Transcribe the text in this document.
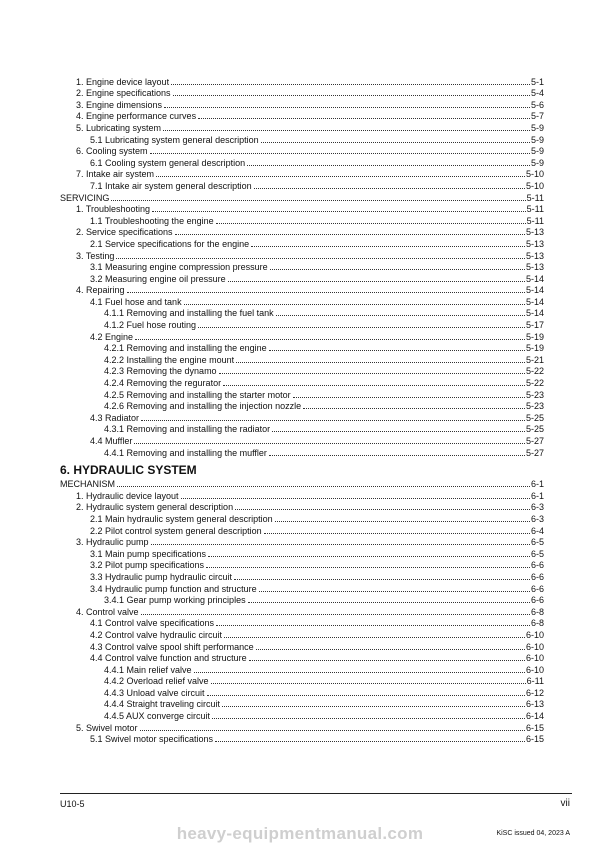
1. Engine device layout	5-1
2. Engine specifications	5-4
3. Engine dimensions	5-6
4. Engine performance curves	5-7
5. Lubricating system	5-9
5.1 Lubricating system general description	5-9
6. Cooling system	5-9
6.1 Cooling system general description	5-9
7. Intake air system	5-10
7.1 Intake air system general description	5-10
SERVICING	5-11
1. Troubleshooting	5-11
1.1 Troubleshooting the engine	5-11
2. Service specifications	5-13
2.1 Service specifications for the engine	5-13
3. Testing	5-13
3.1 Measuring engine compression pressure	5-13
3.2 Measuring engine oil pressure	5-14
4. Repairing	5-14
4.1 Fuel hose and tank	5-14
4.1.1 Removing and installing the fuel tank	5-14
4.1.2 Fuel hose routing	5-17
4.2 Engine	5-19
4.2.1 Removing and installing the engine	5-19
4.2.2 Installing the engine mount	5-21
4.2.3 Removing the dynamo	5-22
4.2.4 Removing the regurator	5-22
4.2.5 Removing and installing the starter motor	5-23
4.2.6 Removing and installing the injection nozzle	5-23
4.3 Radiator	5-25
4.3.1 Removing and installing the radiator	5-25
4.4 Muffler	5-27
4.4.1 Removing and installing the muffler	5-27
6. HYDRAULIC SYSTEM
MECHANISM	6-1
1. Hydraulic device layout	6-1
2. Hydraulic system general description	6-3
2.1 Main hydraulic system general description	6-3
2.2 Pilot control system general description	6-4
3. Hydraulic pump	6-5
3.1 Main pump specifications	6-5
3.2 Pilot pump specifications	6-6
3.3 Hydraulic pump hydraulic circuit	6-6
3.4 Hydraulic pump function and structure	6-6
3.4.1 Gear pump working principles	6-6
4. Control valve	6-8
4.1 Control valve specifications	6-8
4.2 Control valve hydraulic circuit	6-10
4.3 Control valve spool shift performance	6-10
4.4 Control valve function and structure	6-10
4.4.1 Main relief valve	6-10
4.4.2 Overload relief valve	6-11
4.4.3 Unload valve circuit	6-12
4.4.4 Straight traveling circuit	6-13
4.4.5 AUX converge circuit	6-14
5. Swivel motor	6-15
5.1 Swivel motor specifications	6-15
U10-5	vii
heavy-equipmentmanual.com	KiSC issued 04, 2023 A
